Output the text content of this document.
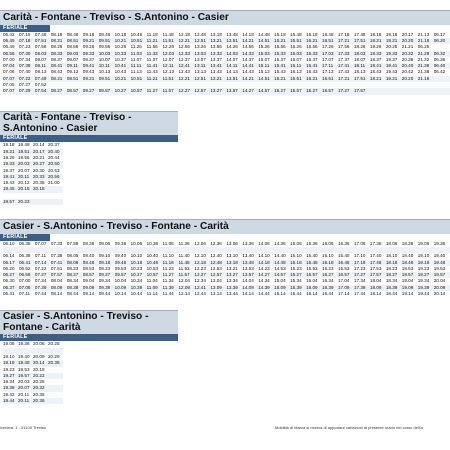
Carità - Fontane - Treviso - S.Antonino - Casier
FERIALE
06.42	07.15	07.48	08.18	08.48	09.18	09.48	10.18	10.48	11.18	11.48	12.18	12.48	13.18	13.48	14.18	14.48	15.18	15.48	16.18	16.48	17.18	17.48	18.18	19.18	20.17	21.13	06.17
06.45	07.18	07.51	08.21	08.51	09.21	09.51	10.21	10.51	11.21	11.51	12.21	12.51	13.21	13.51	14.21	14.51	15.21	15.51	16.21	16.51	17.21	17.51	18.21	19.21	20.20	21.16	06.20
06.49	07.23	07.56	08.26	08.56	09.26	09.56	10.26	11.26	11.56	12.26	12.56	13.26	13.56	14.26	14.56	15.26	15.56	16.26	16.56	17.26	17.56	18.26	19.26	20.25	21.21	06.25	
06.56	07.30	08.03	08.33	09.03	09.33	10.03	10.33	11.03	11.33	12.03	12.33	13.03	13.33	14.03	14.33	15.03	15.33	16.03	16.33	17.03	17.33	18.03	18.33	19.33	20.32	21.28	06.32
07.00	07.34	08.07	08.37	09.07	09.37	10.07	10.37	11.07	11.37	12.07	12.37	13.07	13.37	14.07	14.37	15.07	15.37	16.07	16.37	17.07	17.37	18.07	18.37	19.37	20.36	21.32	06.36
07.04	07.38	08.11	08.41	09.11	09.41	10.11	10.41	11.11	11.41	12.11	12.41	13.11	13.41	14.11	14.41	15.11	15.41	16.11	16.41	17.11	17.41	18.11	18.41	19.41	20.40	21.36	06.40
07.06	07.40	08.13	08.43	09.13	09.43	10.13	10.43	11.13	11.43	12.13	12.43	13.13	13.43	14.13	14.43	15.13	15.43	16.13	16.43	17.13	17.43	18.13	18.43	19.43	20.42	21.38	06.42
07.07	07.22	07.49	08.21	08.51	09.21	09.51	10.21	10.51	11.21	11.51	12.21	12.51	13.21	13.51	14.21	14.51	15.21	15.51	16.21	16.51	17.21	17.51	18.21	19.21	20.20	21.16	
07.05	07.27	07.52																									
07.07	07.29	07.54	08.27	08.57	09.27	09.57	10.27	10.57	11.27	11.57	12.27	12.57	13.27	13.57	14.27	14.57	15.27	15.57	16.27	16.57	17.27	17.57					
Carità - Fontane - Treviso -
S.Antonino - Casier
FERIALE
19.18	19.48	20.14	20.37
19.21	19.51	20.17	20.40
19.26	19.56	20.21	20.44
19.33	20.03	20.27	20.50
19.37	20.07	20.30	20.53
19.41	20.11	20.33	20.56
19.43	20.12	20.35	21.00
19.45	20.15	20.18	

19.57	20.23		
Casier - S.Antonino - Treviso - Fontane - Carità
FERIALE
06.10	06.35	07.07	07.33	07.59	08.36	09.06	09.36	10.06	10.36	11.06	11.36	12.06	12.36	13.06	13.36	14.06	14.36	15.06	15.36	16.06	16.36	17.06	17.36	18.06	18.36	19.06	19.36

06.14	06.38	07.11	07.38	08.05	08.40	09.10	09.40	10.10	10.40	11.10	11.40	12.10	12.40	13.10	13.40	14.10	14.40	15.10	15.40	16.10	16.40	17.10	17.40	18.10	18.40	19.10	19.40
06.17	06.41	07.14	07.41	08.08	08.48	09.18	09.48	10.18	10.48	11.18	11.48	12.18	12.48	13.18	13.48	14.18	14.48	15.18	15.48	16.18	16.48	17.18	17.48	18.18	18.48	19.18	19.48
06.20	06.52	07.22	07.51	08.23	08.53	09.23	09.53	10.23	10.53	11.23	11.53	12.23	12.53	13.21	13.53	14.23	14.53	15.23	15.53	16.23	16.53	17.23	17.53	18.23	18.53	19.23	19.53
06.27	06.56	07.27	07.57	08.27	08.57	09.27	09.57	10.27	10.57	11.27	11.57	12.27	12.57	13.27	13.57	14.27	14.57	15.27	15.57	16.27	16.57	17.27	17.57	18.27	18.57	19.27	19.57
06.30	07.00	07.34	08.04	08.34	09.04	09.34	10.04	10.34	11.04	11.34	12.04	12.34	13.04	13.34	14.04	14.34	15.04	15.34	16.04	16.34	17.04	17.34	18.04	18.34	19.04	19.34	20.04
06.37	07.06	07.39	08.09	08.39	09.09	09.39	10.09	10.39	11.09	11.39	12.09	12.41	13.09	13.39	14.09	14.39	15.09	15.39	16.09	16.39	17.09	17.39	18.09	18.39	19.09	19.39	20.09
06.41	07.11	07.44	08.14	08.44	09.14	09.44	10.14	10.44	11.14	11.44	12.14	12.44	13.14	13.44	14.14	14.44	15.14	15.44	16.14	16.44	17.14	17.44	18.14	18.44	19.14	19.44	20.14
Casier - S.Antonino - Treviso -
Fontane - Carità
FERIALE
19.06	19.36	20.06	20.26

19.10	19.40	20.09	20.29
19.18	19.48	20.14	20.35
19.23	19.53	20.18	
19.27	19.57	20.22	
19.34	20.03	20.28	
19.38	20.07	20.32	
19.42	20.11	20.35	
19.44	20.11	20.36	
iveriera, 1 - 31100 Treviso	Mobilità di Marca si riserva di apportare variazioni al presente orario nel corso dell'a
